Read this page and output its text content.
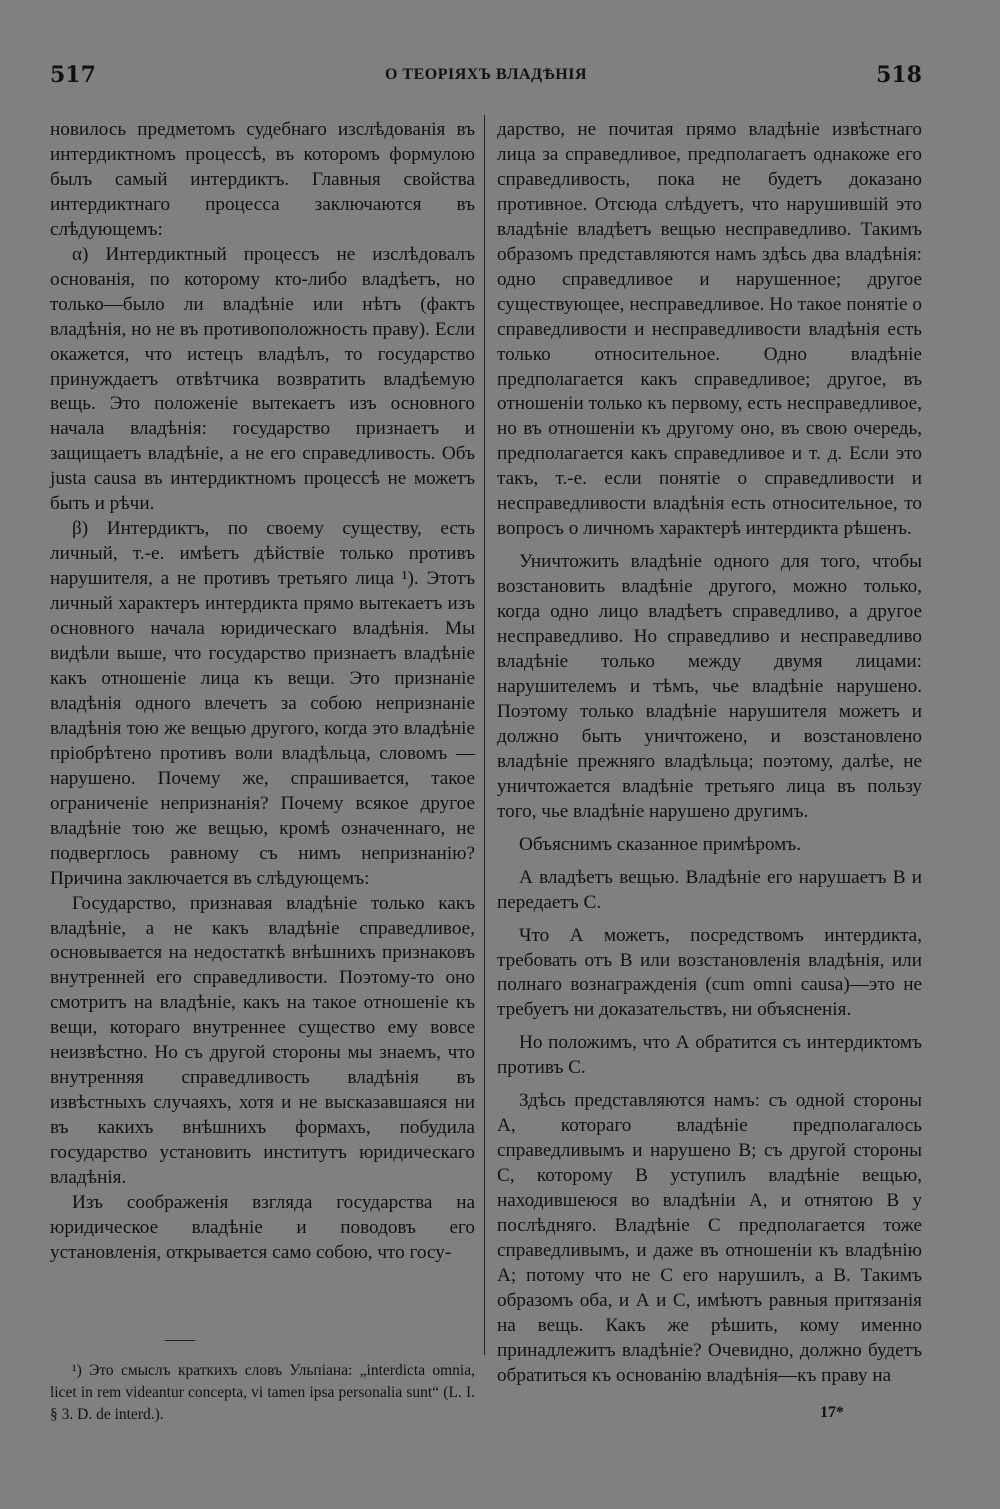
517	О ТЕОРІЯХЪ ВЛАДѢНІЯ	518

новилось предметомъ судебнаго изслѣдованія въ интердиктномъ процессѣ, въ которомъ формулою былъ самый интердиктъ. Главныя свойства интердиктнаго процесса заключаются въ слѣдующемъ:

α) Интердиктный процессъ не изслѣдовалъ основанія, по которому кто-либо владѣетъ, но только—было ли владѣніе или нѣтъ (фактъ владѣнія, но не въ противоположность праву). Если окажется, что истецъ владѣлъ, то государство принуждаетъ отвѣтчика возвратить владѣемую вещь. Это положеніе вытекаетъ изъ основного начала владѣнія: государство признаетъ и защищаетъ владѣніе, а не его справедливость. Объ justa causa въ интердиктномъ процессѣ не можетъ быть и рѣчи.

β) Интердиктъ, по своему существу, есть личный, т.-е. имѣетъ дѣйствіе только противъ нарушителя, а не противъ третьяго лица ¹). Этотъ личный характеръ интердикта прямо вытекаетъ изъ основного начала юридическаго владѣнія. Мы видѣли выше, что государство признаетъ владѣніе какъ отношеніе лица къ вещи. Это признаніе владѣнія одного влечетъ за собою непризнаніе владѣнія тою же вещью другого, когда это владѣніе пріобрѣтено противъ воли владѣльца, словомъ — нарушено. Почему же, спрашивается, такое ограниченіе непризнанія? Почему всякое другое владѣніе тою же вещью, кромѣ означеннаго, не подверглось равному съ нимъ непризнанію? Причина заключается въ слѣдующемъ:

Государство, признавая владѣніе только какъ владѣніе, а не какъ владѣніе справедливое, основывается на недостаткѣ внѣшнихъ признаковъ внутренней его справедливости. Поэтому-то оно смотритъ на владѣніе, какъ на такое отношеніе къ вещи, котораго внутреннее существо ему вовсе неизвѣстно. Но съ другой стороны мы знаемъ, что внутренняя справедливость владѣнія въ извѣстныхъ случаяхъ, хотя и не высказавшаяся ни въ какихъ внѣшнихъ формахъ, побудила государство установить институтъ юридическаго владѣнія.

Изъ соображенія взгляда государства на юридическое владѣніе и поводовъ его установленія, открывается само собою, что госу-

дарство, не почитая прямо владѣніе извѣстнаго лица за справедливое, предполагаетъ однакоже его справедливость, пока не будетъ доказано противное. Отсюда слѣдуетъ, что нарушившій это владѣніе владѣетъ вещью несправедливо. Такимъ образомъ представляются намъ здѣсь два владѣнія: одно справедливое и нарушенное; другое существующее, несправедливое. Но такое понятіе о справедливости и несправедливости владѣнія есть только относительное. Одно владѣніе предполагается какъ справедливое; другое, въ отношеніи только къ первому, есть несправедливое, но въ отношеніи къ другому оно, въ свою очередь, предполагается какъ справедливое и т. д. Если это такъ, т.-е. если понятіе о справедливости и несправедливости владѣнія есть относительное, то вопросъ о личномъ характерѣ интердикта рѣшенъ.

Уничтожить владѣніе одного для того, чтобы возстановить владѣніе другого, можно только, когда одно лицо владѣетъ справедливо, а другое несправедливо. Но справедливо и несправедливо владѣніе только между двумя лицами: нарушителемъ и тѣмъ, чье владѣніе нарушено. Поэтому только владѣніе нарушителя можетъ и должно быть уничтожено, и возстановлено владѣніе прежняго владѣльца; поэтому, далѣе, не уничтожается владѣніе третьяго лица въ пользу того, чье владѣніе нарушено другимъ.

Объяснимъ сказанное примѣромъ.

А владѣетъ вещью. Владѣніе его нарушаетъ В и передаетъ С.

Что А можетъ, посредствомъ интердикта, требовать отъ В или возстановленія владѣнія, или полнаго вознагражденія (cum omni causa)—это не требуетъ ни доказательствъ, ни объясненія.

Но положимъ, что А обратится съ интердиктомъ противъ С.

Здѣсь представляются намъ: съ одной стороны А, котораго владѣніе предполагалось справедливымъ и нарушено В; съ другой стороны С, которому В уступилъ владѣніе вещью, находившеюся во владѣніи А, и отнятою В у послѣдняго. Владѣніе С предполагается тоже справедливымъ, и даже въ отношеніи къ владѣнію А; потому что не С его нарушилъ, а В. Такимъ образомъ оба, и А и С, имѣютъ равныя притязанія на вещь. Какъ же рѣшить, кому именно принадлежитъ владѣніе? Очевидно, должно будетъ обратиться къ основанію владѣнія—къ праву на

¹) Это смыслъ краткихъ словъ Ульпіана: „interdicta omnia, licet in rem videantur concepta, vi tamen ipsa personalia sunt“ (L. I. § 3. D. de interd.).	17*
